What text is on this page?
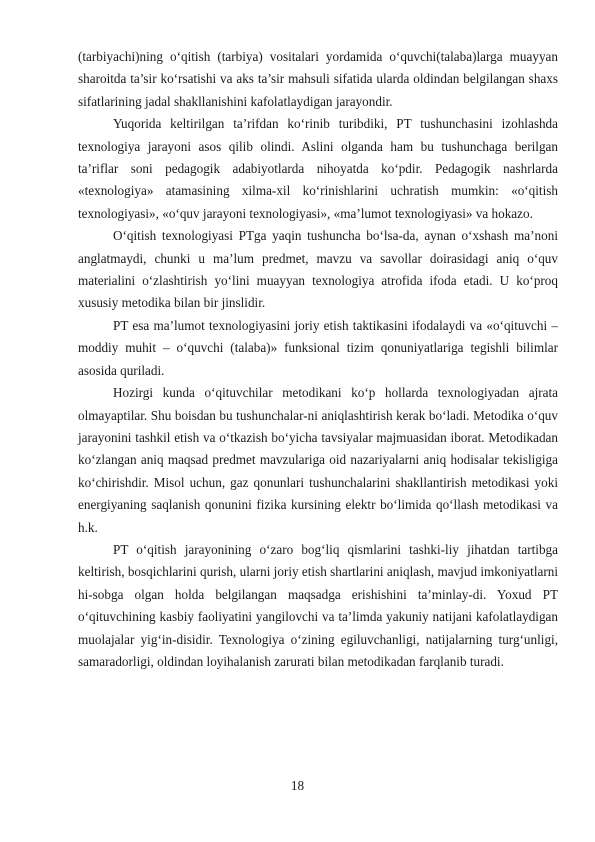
(tarbiyachi)ning o‘qitish (tarbiya) vositalari yordamida o‘quvchi(talaba)larga muayyan sharoitda ta’sir ko‘rsatishi va aks ta’sir mahsuli sifatida ularda oldindan belgilangan shaxs sifatlarining jadal shakllanishini kafolatlaydigan jarayondir.

Yuqorida keltirilgan ta’rifdan ko‘rinib turibdiki, PT tushunchasini izohlashda texnologiya jarayoni asos qilib olindi. Aslini olganda ham bu tushunchaga berilgan ta’riflar soni pedagogik adabiyotlarda nihoyatda ko‘pdir. Pedagogik nashrlarda «texnologiya» atamasining xilma-xil ko‘rinishlarini uchratish mumkin: «o‘qitish texnologiyasi», «o‘quv jarayoni texnologiyasi», «ma’lumot texnologiyasi» va hokazo.

O‘qitish texnologiyasi PTga yaqin tushuncha bo‘lsa-da, aynan o‘xshash ma’noni anglatmaydi, chunki u ma’lum predmet, mavzu va savollar doirasidagi aniq o‘quv materialini o‘zlashtirish yo‘lini muayyan texnologiya atrofida ifoda etadi. U ko‘proq xususiy metodika bilan bir jinslidir.

PT esa ma’lumot texnologiyasini joriy etish taktikasini ifodalaydi va «o‘qituvchi – moddiy muhit – o‘quvchi (talaba)» funksional tizim qonuniyatlariga tegishli bilimlar asosida quriladi.

Hozirgi kunda o‘qituvchilar metodikani ko‘p hollarda texnologiyadan ajrata olmayaptilar. Shu boisdan bu tushunchalar-ni aniqlashtirish kerak bo‘ladi. Metodika o‘quv jarayonini tashkil etish va o‘tkazish bo‘yicha tavsiyalar majmuasidan iborat. Metodikadan ko‘zlangan aniq maqsad predmet mavzulariga oid nazariyalarni aniq hodisalar tekisligiga ko‘chirishdir. Misol uchun, gaz qonunlari tushunchalarini shakllantirish metodikasi yoki energiyaning saqlanish qonunini fizika kursining elektr bo‘limida qo‘llash metodikasi va h.k.

PT o‘qitish jarayonining o‘zaro bog‘liq qismlarini tashki-liy jihatdan tartibga keltirish, bosqichlarini qurish, ularni joriy etish shartlarini aniqlash, mavjud imkoniyatlarni hi-sobga olgan holda belgilangan maqsadga erishishini ta’minlay-di. Yoxud PT o‘qituvchining kasbiy faoliyatini yangilovchi va ta’limda yakuniy natijani kafolatlaydigan muolajalar yig‘in-disidir. Texnologiya o‘zining egiluvchanligi, natijalarning turg‘unligi, samaradorligi, oldindan loyihalanish zarurati bilan metodikadan farqlanib turadi.

18
